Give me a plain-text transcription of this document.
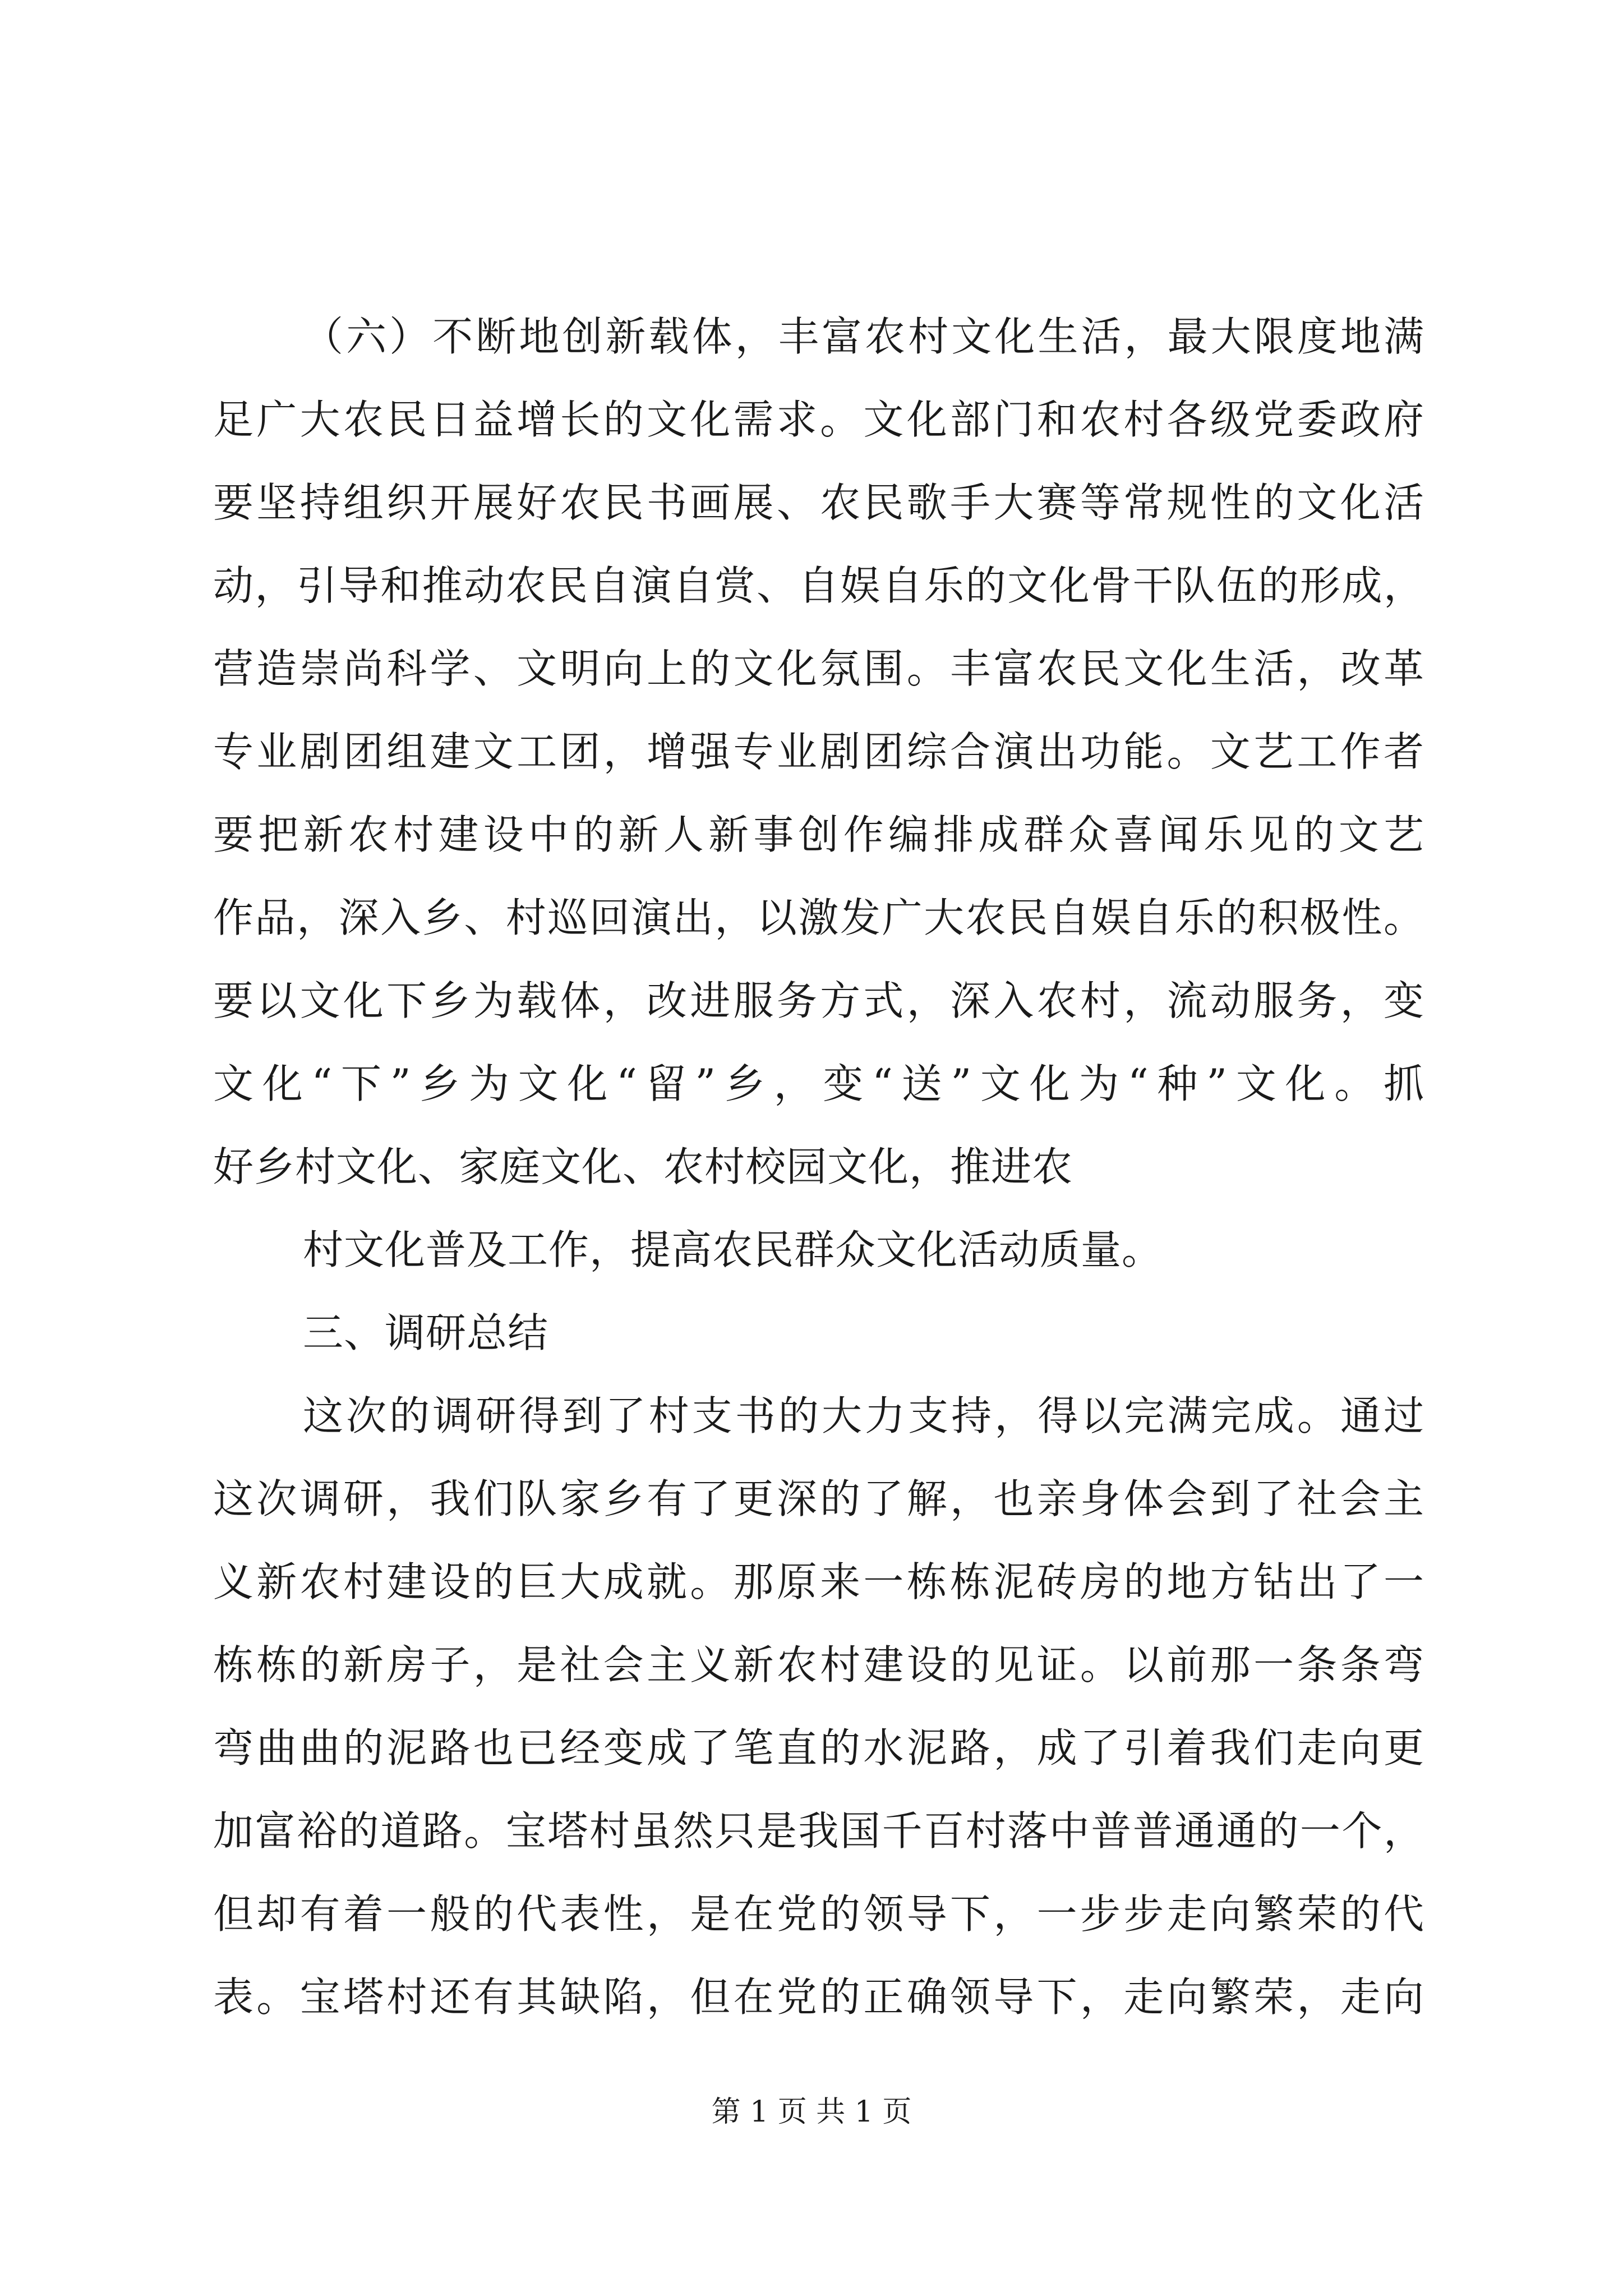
（六）不断地创新载体，丰富农村文化生活，最大限度地满
足广大农民日益增长的文化需求。文化部门和农村各级党委政府
要坚持组织开展好农民书画展、农民歌手大赛等常规性的文化活
动，引导和推动农民自演自赏、自娱自乐的文化骨干队伍的形成，
营造崇尚科学、文明向上的文化氛围。丰富农民文化生活，改革
专业剧团组建文工团，增强专业剧团综合演出功能。文艺工作者
要把新农村建设中的新人新事创作编排成群众喜闻乐见的文艺
作品，深入乡、村巡回演出，以激发广大农民自娱自乐的积极性。
要以文化下乡为载体，改进服务方式，深入农村，流动服务，变
文化“下”乡为文化“留”乡，变“送”文化为“种”文化。抓
好乡村文化、家庭文化、农村校园文化，推进农
村文化普及工作，提高农民群众文化活动质量。
三、调研总结
这次的调研得到了村支书的大力支持，得以完满完成。通过
这次调研，我们队家乡有了更深的了解，也亲身体会到了社会主
义新农村建设的巨大成就。那原来一栋栋泥砖房的地方钻出了一
栋栋的新房子，是社会主义新农村建设的见证。以前那一条条弯
弯曲曲的泥路也已经变成了笔直的水泥路，成了引着我们走向更
加富裕的道路。宝塔村虽然只是我国千百村落中普普通通的一个，
但却有着一般的代表性，是在党的领导下，一步步走向繁荣的代
表。宝塔村还有其缺陷，但在党的正确领导下，走向繁荣，走向
第 1 页 共 1 页
